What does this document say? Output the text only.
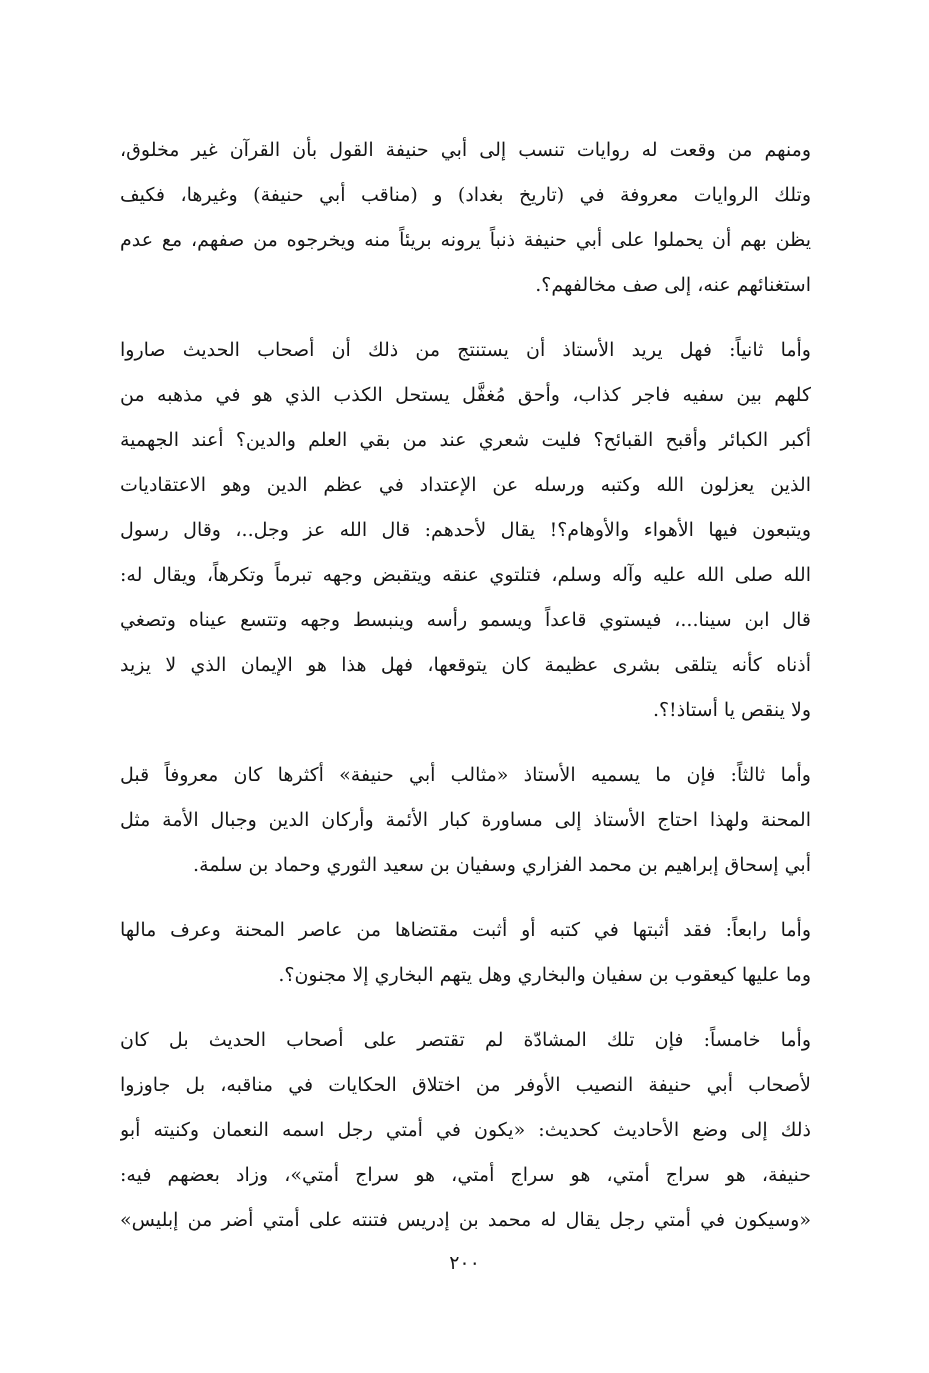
ومنهم من وقعت له روايات تنسب إلى أبي حنيفة القول بأن القرآن غير مخلوق،
وتلك الروايات معروفة في (تاريخ بغداد) و (مناقب أبي حنيفة) وغيرها، فكيف
يظن بهم أن يحملوا على أبي حنيفة ذنباً يرونه بريئاً منه ويخرجوه من صفهم، مع عدم
استغنائهم عنه، إلى صف مخالفهم؟.

وأما ثانياً: فهل يريد الأستاذ أن يستنتج من ذلك أن أصحاب الحديث صاروا
كلهم بين سفيه فاجر كذاب، وأحق مُغفَّل يستحل الكذب الذي هو في مذهبه من
أكبر الكبائر وأقبح القبائح؟ فليت شعري عند من بقي العلم والدين؟ أعند الجهمية
الذين يعزلون الله وكتبه ورسله عن الإعتداد في عظم الدين وهو الاعتقاديات
ويتبعون فيها الأهواء والأوهام؟! يقال لأحدهم: قال الله عز وجل..، وقال رسول
الله صلى الله عليه وآله وسلم، فتلتوي عنقه ويتقبض وجهه تبرماً وتكرهاً، ويقال له:
قال ابن سينا...، فيستوي قاعداً ويسمو رأسه وينبسط وجهه وتتسع عيناه وتصغي
أذناه كأنه يتلقى بشرى عظيمة كان يتوقعها، فهل هذا هو الإيمان الذي لا يزيد
ولا ينقص يا أستاذ!؟.

وأما ثالثاً: فإن ما يسميه الأستاذ «مثالب أبي حنيفة» أكثرها كان معروفاً قبل
المحنة ولهذا احتاج الأستاذ إلى مساورة كبار الأئمة وأركان الدين وجبال الأمة مثل
أبي إسحاق إبراهيم بن محمد الفزاري وسفيان بن سعيد الثوري وحماد بن سلمة.

وأما رابعاً: فقد أثبتها في كتبه أو أثبت مقتضاها من عاصر المحنة وعرف مالها
وما عليها كيعقوب بن سفيان والبخاري وهل يتهم البخاري إلا مجنون؟.

وأما خامساً: فإن تلك المشادّة لم تقتصر على أصحاب الحديث بل كان
لأصحاب أبي حنيفة النصيب الأوفر من اختلاق الحكايات في مناقبه، بل جاوزوا
ذلك إلى وضع الأحاديث كحديث: «يكون في أمتي رجل اسمه النعمان وكنيته أبو
حنيفة، هو سراج أمتي، هو سراج أمتي، هو سراج أمتي»، وزاد بعضهم فيه:
«وسيكون في أمتي رجل يقال له محمد بن إدريس فتنته على أمتي أضر من إبليس»

٢٠٠
